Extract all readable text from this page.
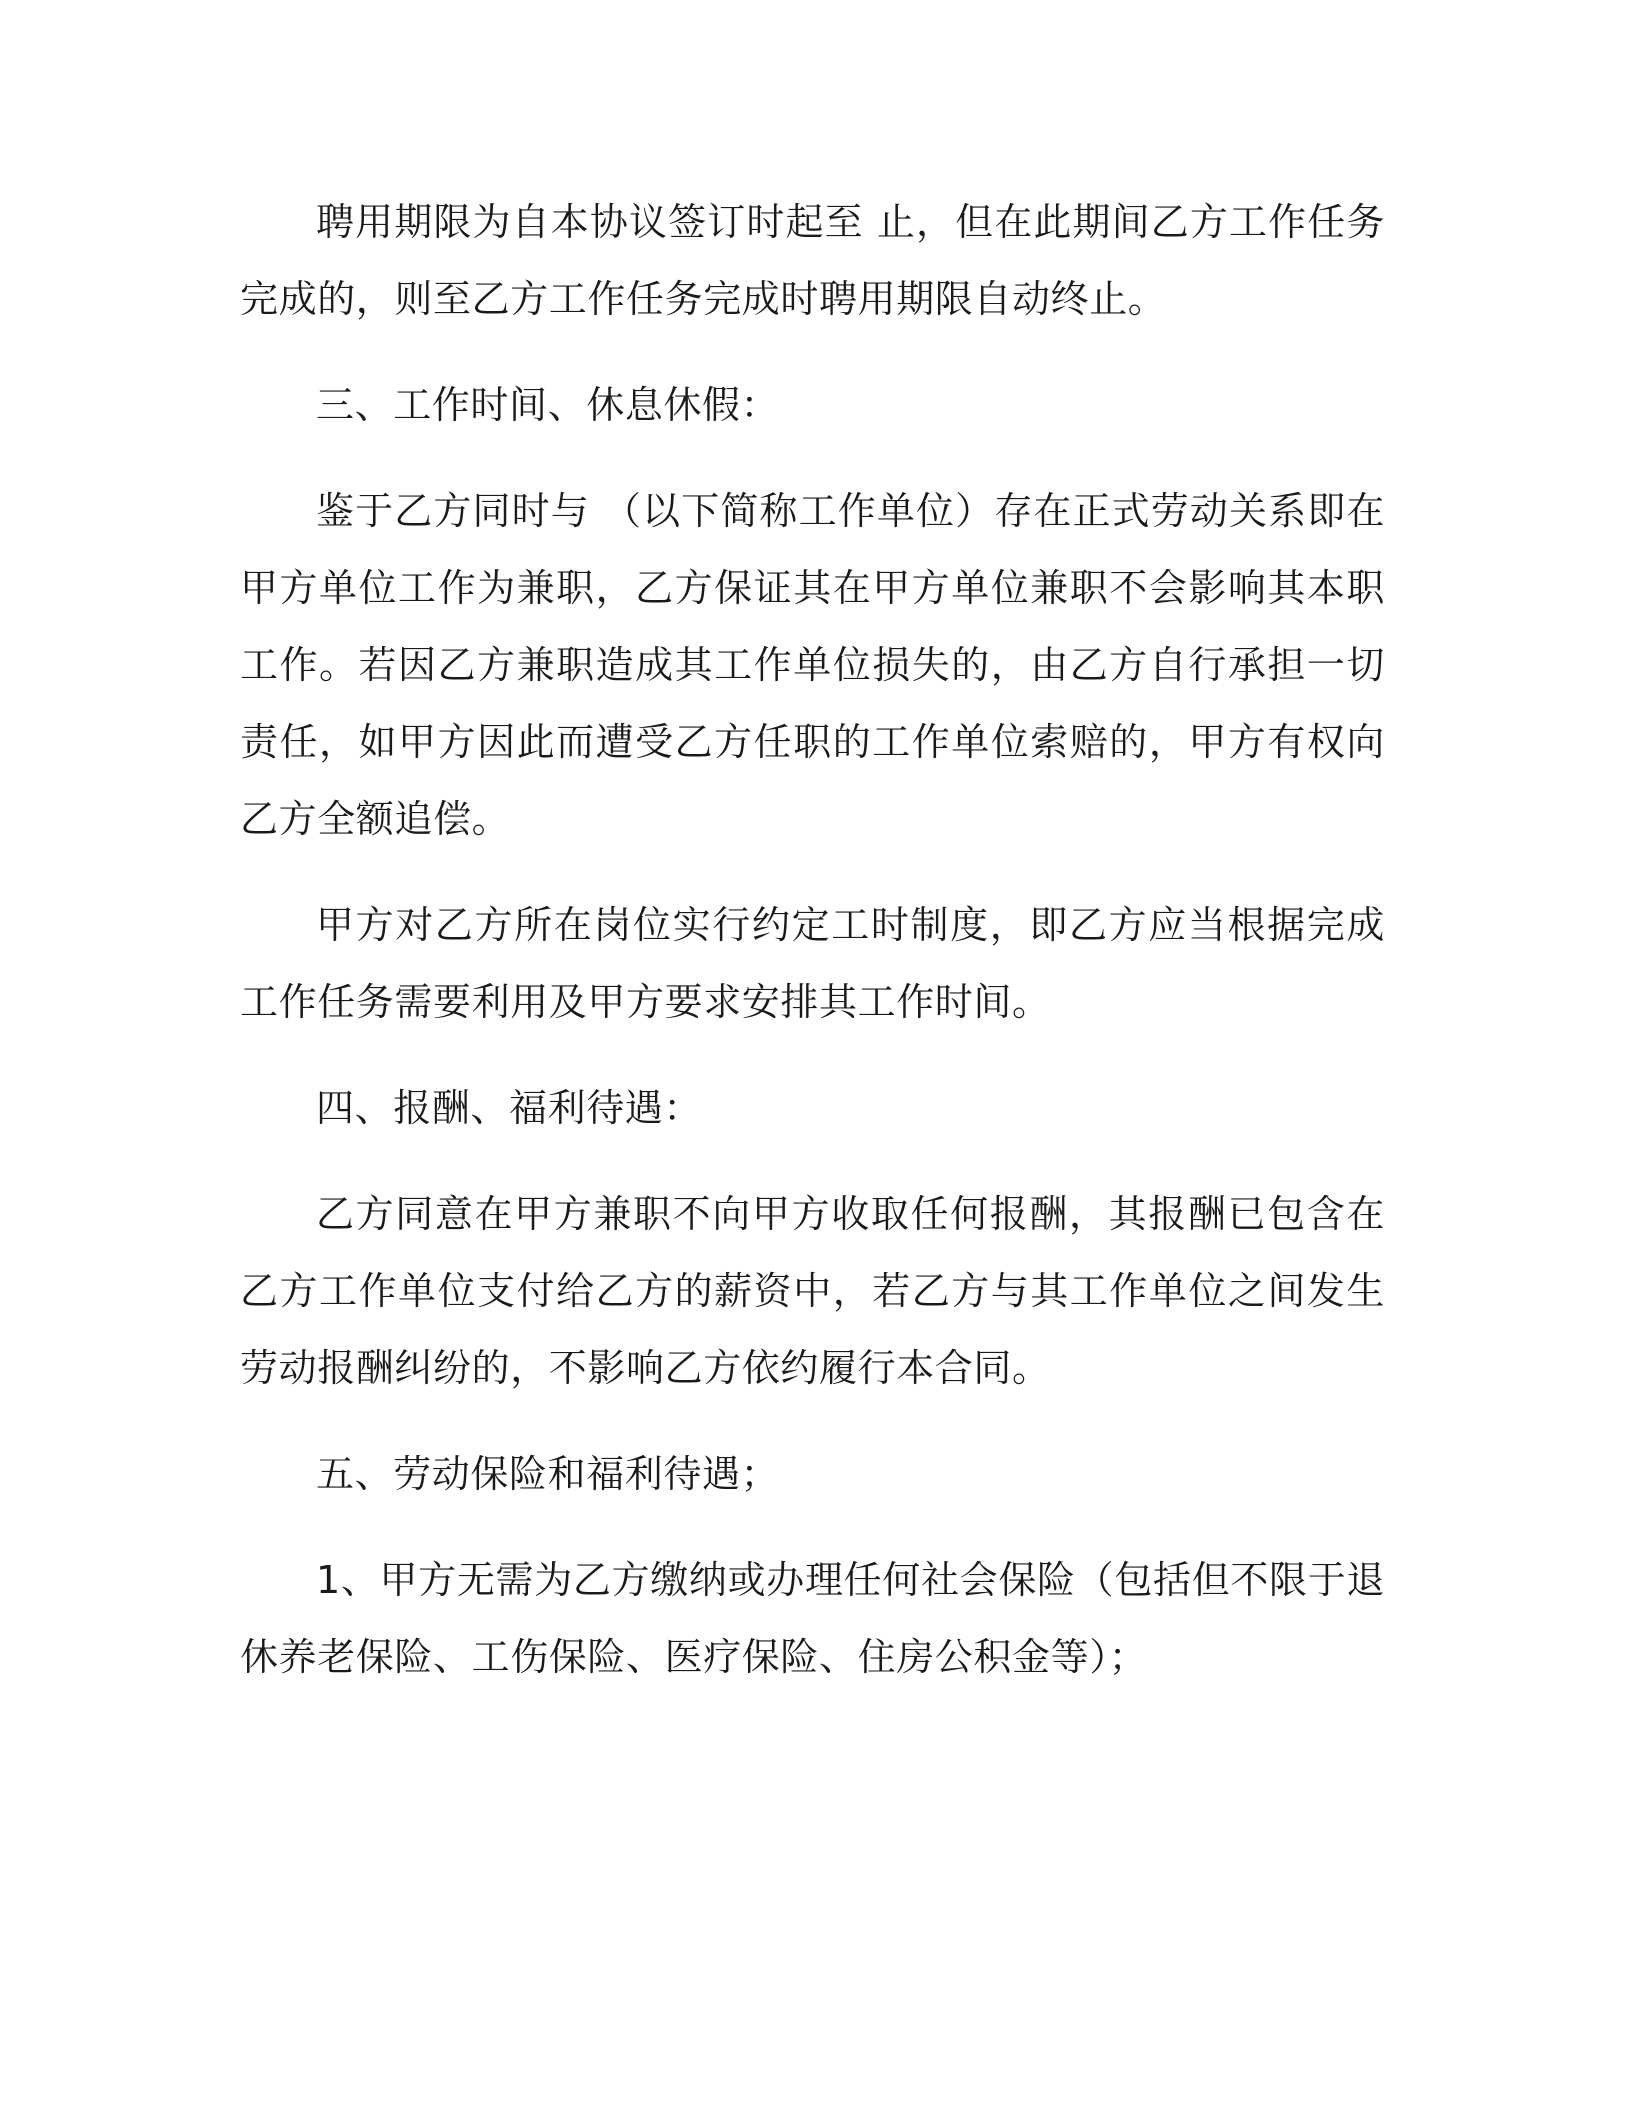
聘用期限为自本协议签订时起至 止，但在此期间乙方工作任务完成的，则至乙方工作任务完成时聘用期限自动终止。

三、工作时间、休息休假：

鉴于乙方同时与 （以下简称工作单位）存在正式劳动关系即在甲方单位工作为兼职，乙方保证其在甲方单位兼职不会影响其本职工作。若因乙方兼职造成其工作单位损失的，由乙方自行承担一切责任，如甲方因此而遭受乙方任职的工作单位索赔的，甲方有权向乙方全额追偿。

甲方对乙方所在岗位实行约定工时制度，即乙方应当根据完成工作任务需要利用及甲方要求安排其工作时间。

四、报酬、福利待遇：

乙方同意在甲方兼职不向甲方收取任何报酬，其报酬已包含在乙方工作单位支付给乙方的薪资中，若乙方与其工作单位之间发生劳动报酬纠纷的，不影响乙方依约履行本合同。

五、劳动保险和福利待遇；

1、甲方无需为乙方缴纳或办理任何社会保险（包括但不限于退休养老保险、工伤保险、医疗保险、住房公积金等）；
